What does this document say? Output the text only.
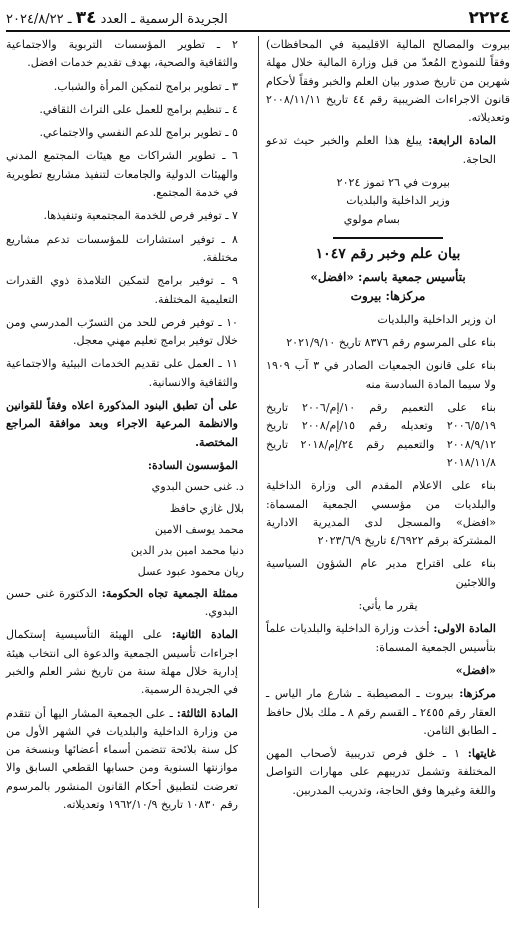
٢٢٢٤
الجريدة الرسمية ـ العدد ٣٤ ـ ٢٠٢٤/٨/٢٢

بيروت والمصالح المالية الاقليمية في المحافظات) وفقاً للنموذج المُعدّ من قبل وزارة المالية خلال مهلة شهرين من تاريخ صدور بيان العلم والخبر وفقاً لأحكام قانون الاجراءات الضريبية رقم ٤٤ تاريخ ٢٠٠٨/١١/١١ وتعديلاته.

المادة الرابعة: يبلغ هذا العلم والخبر حيث تدعو الحاجة.

بيروت في ٢٦ تموز ٢٠٢٤

وزير الداخلية والبلديات

بسام مولوي

بيان علم وخبر رقم ١٠٤٧

بتأسيس جمعية باسم: «افضل»

مركزها: بيروت

ان وزير الداخلية والبلديات

بناء على المرسوم رقم ٨٣٧٦ تاريخ ٢٠٢١/٩/١٠

بناء على قانون الجمعيات الصادر في ٣ آب ١٩٠٩ ولا سيما المادة السادسة منه

بناء على التعميم رقم ١٠/إم/٢٠٠٦ تاريخ ٢٠٠٦/٥/١٩ وتعديله رقم ١٥/إم/٢٠٠٨ تاريخ ٢٠٠٨/٩/١٢ والتعميم رقم ٢٤/إم/٢٠١٨ تاريخ ٢٠١٨/١١/٨

بناء على الاعلام المقدم الى وزارة الداخلية والبلديات من مؤسسي الجمعية المسماة: «افضل» والمسجل لدى المديرية الادارية المشتركة برقم ٤/٦٩٢٢ تاريخ ٢٠٢٣/٦/٩

بناء على اقتراح مدير عام الشؤون السياسية واللاجئين

يقرر ما يأتي:

المادة الاولى: أخذت وزارة الداخلية والبلديات علماً بتأسيس الجمعية المسماة:

«افضل»

مركزها: بيروت ـ المصيطبة ـ شارع مار الياس ـ العقار رقم ٢٤٥٥ ـ القسم رقم ٨ ـ ملك بلال حافظ ـ الطابق الثامن.

غايتها: ١ ـ خلق فرص تدريبية لأصحاب المهن المختلفة وتشمل تدريبهم على مهارات التواصل واللغة وغيرها وفق الحاجة، وتدريب المدربين.

٢ ـ تطوير المؤسسات التربوية والاجتماعية والثقافية والصحية، بهدف تقديم خدمات افضل.

٣ ـ تطوير برامج لتمكين المرأة والشباب.

٤ ـ تنظيم برامج للعمل على التراث الثقافي.

٥ ـ تطوير برامج للدعم النفسي والاجتماعي.

٦ ـ تطوير الشراكات مع هيئات المجتمع المدني والهيئات الدولية والجامعات لتنفيذ مشاريع تطويرية في خدمة المجتمع.

٧ ـ توفير فرص للخدمة المجتمعية وتنفيذها.

٨ ـ توفير استشارات للمؤسسات تدعم مشاريع مختلفة.

٩ ـ توفير برامج لتمكين التلامذة ذوي القدرات التعليمية المختلفة.

١٠ ـ توفير فرص للحد من التسرّب المدرسي ومن خلال توفير برامج تعليم مهني معجل.

١١ ـ العمل على تقديم الخدمات البيئية والاجتماعية والثقافية والانسانية.

على أن تطبق البنود المذكورة اعلاه وفقاً للقوانين والانظمة المرعية الاجراء وبعد موافقة المراجع المختصة.

المؤسسون السادة:

د. غنى حسن البدوي

بلال غازي حافظ

محمد يوسف الامين

دنيا محمد امين بدر الدين

ريان محمود عبود عسل

ممثلة الجمعية تجاه الحكومة: الدكتورة غنى حسن البدوي.

المادة الثانية: على الهيئة التأسيسية إستكمال اجراءات تأسيس الجمعية والدعوة الى انتخاب هيئة إدارية خلال مهلة سنة من تاريخ نشر العلم والخبر في الجريدة الرسمية.

المادة الثالثة: ـ على الجمعية المشار اليها أن تتقدم من وزارة الداخلية والبلديات في الشهر الأول من كل سنة بلائحة تتضمن أسماء أعضائها وبنسخة من موازنتها السنوية ومن حسابها القطعي السابق والا تعرضت لتطبيق أحكام القانون المنشور بالمرسوم رقم ١٠٨٣٠ تاريخ ١٩٦٢/١٠/٩ وتعديلاته.
